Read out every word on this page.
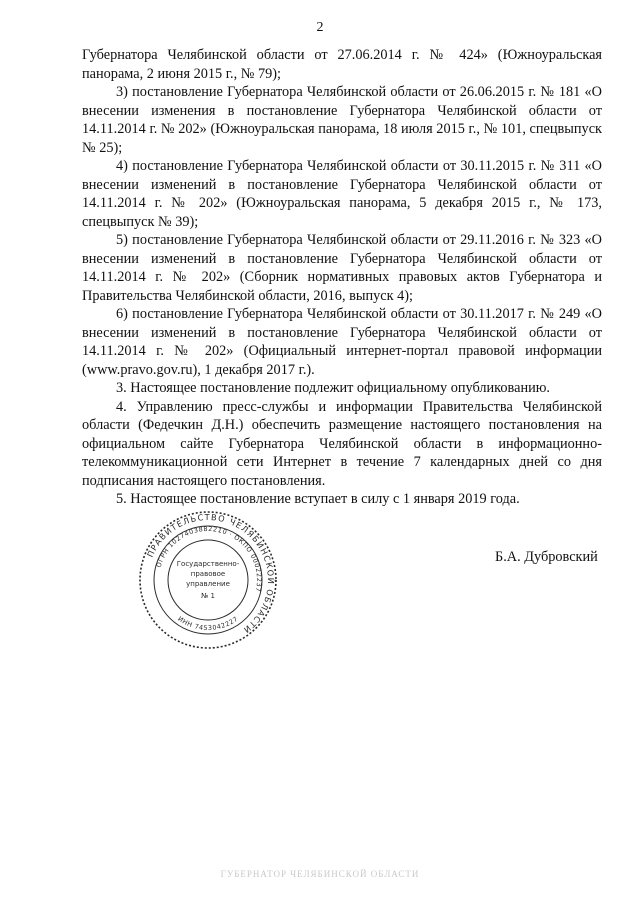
2

Губернатора Челябинской области от 27.06.2014 г. № 424» (Южноуральская панорама, 2 июня 2015 г., № 79);

3) постановление Губернатора Челябинской области от 26.06.2015 г. № 181 «О внесении изменения в постановление Губернатора Челябинской области от 14.11.2014 г. № 202» (Южноуральская панорама, 18 июля 2015 г., № 101, спецвыпуск № 25);

4) постановление Губернатора Челябинской области от 30.11.2015 г. № 311 «О внесении изменений в постановление Губернатора Челябинской области от 14.11.2014 г. № 202» (Южноуральская панорама, 5 декабря 2015 г., № 173, спецвыпуск № 39);

5) постановление Губернатора Челябинской области от 29.11.2016 г. № 323 «О внесении изменений в постановление Губернатора Челябинской области от 14.11.2014 г. № 202» (Сборник нормативных правовых актов Губернатора и Правительства Челябинской области, 2016, выпуск 4);

6) постановление Губернатора Челябинской области от 30.11.2017 г. № 249 «О внесении изменений в постановление Губернатора Челябинской области от 14.11.2014 г. № 202» (Официальный интернет-портал правовой информации (www.pravo.gov.ru), 1 декабря 2017 г.).

3. Настоящее постановление подлежит официальному опубликованию.

4. Управлению пресс-службы и информации Правительства Челябинской области (Федечкин Д.Н.) обеспечить размещение настоящего постановления на официальном сайте Губернатора Челябинской области в информационно-телекоммуникационной сети Интернет в течение 7 календарных дней со дня подписания настоящего постановления.

5. Настоящее постановление вступает в силу с 1 января 2019 года.

ПРАВИТЕЛЬСТВО ЧЕЛЯБИНСКОЙ ОБЛАСТИ
ОГРН 1027403882210 · ОКПО 00022237
ИНН 7453042227
Государственно-
правовое
управление
№ 1
Б.А. Дубровский
ГУБЕРНАТОР ЧЕЛЯБИНСКОЙ ОБЛАСТИ
